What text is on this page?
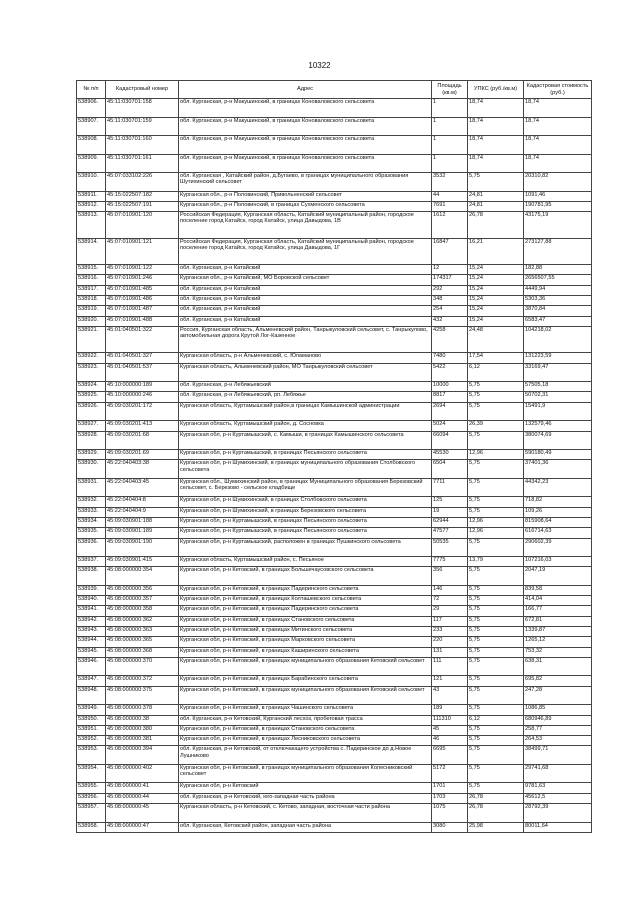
10322
№ п/п	Кадастровый номер	Адрес	Площадь (кв.м)	УПКС (руб./кв.м)	Кадастровая стоимость (руб.)
538906.	45:11:030701:158	обл. Курганская, р-н Макушинский, в границах Коноваловского сельсовета	1	18,74	18,74
538907.	45:11:030701:159	обл. Курганская, р-н Макушинский, в границах Коноваловского сельсовета	1	18,74	18,74
538908.	45:11:030701:160	обл. Курганская, р-н Макушинский, в границах Коноваловского сельсовета	1	18,74	18,74
538909.	45:11:030701:161	обл. Курганская, р-н Макушинский, в границах Коноваловского сельсовета	1	18,74	18,74
538910.	45:07:033102:226	обл. Курганская , Катайский район, д.Бугаево, в границах муниципального образования Шутихинский сельсовет	3532	5,75	20310,82
538911.	45:15:022507:182	Курганская обл., р-н Половинский, Привольненский сельсовет	44	24,81	1091,46
538912.	45:15:022507:191	Курганская обл., р-н Половинский, в границах Сухменского сельсовета	7691	24,81	190781,95
538913.	45:07:010901:120	Российская Федерация, Курганская область, Катайский муниципальный район, городское поселение город Катайск, город Катайск, улица Давыдова, 1В	1612	26,78	43175,19
538914.	45:07:010901:121	Российская Федерация, Курганская область, Катайский муниципальный район, городское поселение город Катайск, город Катайск, улица Давыдова, 1Г	16847	16,21	273127,88
538915.	45:07:010901:122	обл. Курганская, р-н Катайский	12	15,24	182,88
538916.	45:07:010901:246	Курганская обл., р-н Катайский, МО Боровской сельсовет	174317	15,24	2656507,55
538917.	45:07:010901:485	обл. Курганская, р-н Катайский	292	15,24	4449,94
538918.	45:07:010901:486	обл. Курганская, р-н Катайский	348	15,24	5303,36
538919.	45:07:010901:487	обл. Курганская, р-н Катайский	254	15,24	3870,84
538920.	45:07:010901:488	обл. Курганская, р-н Катайский	432	15,24	6583,47
538921.	45:01:040501:322	Россия, Курганская область, Альменевский район, Танрыкуловский сельсовет, с. Танрыкулово, автомобильная дорога Крутой Лог-Казенное	4258	24,48	104218,02
538922.	45:01:040501:327	Курганская область, р-н Альменевский, с. Юламаново	7480	17,54	131223,59
538923.	45:01:040501:537	Курганская область, Альменевский район, МО Танрыкуловский сельсовет	5422	6,12	33169,47
538924.	45:10:000000:189	обл. Курганская, р-н Лебяжьевский	10000	5,75	57505,18
538925.	45:10:000000:246	обл. Курганская, р-н Лебяжьевский, рп. Лебяжье	8817	5,75	50702,31
538926.	45:09:030201:172	Курганская область, Куртамышский район,в границах Камышинской администрации	2694	5,75	15491,9
538927.	45:09:030201:413	Курганская область, Куртамышский район, д. Сосновка	5024	26,39	132579,46
538928.	45:09:030201:68	Курганская обл, р-н Куртамышский, с. Камыши, в границах Камышинского сельсовета	66094	5,75	380074,69
538929.	45:09:030201:69	Курганская обл, р-н Куртамышский, в границах Песьянского сельсовета	45530	12,96	590180,49
538930.	45:22:040403:38	Курганская обл, р-н Шумихинский, в границах муниципального образования Столбовского сельсовета	6504	5,75	37401,36
538931.	45:22:040403:45	Курганская обл., Шумихинский район, в границах Муниципального образования Березовский сельсовет, с. Березово - сельское кладбище	7711	5,75	44342,23
538932.	45:22:040404:8	Курганская обл, р-н Шумихинский, в границах Столбовского сельсовета	125	5,75	718,82
538933.	45:22:040404:9	Курганская обл, р-н Шумихинский, в границах Березовского сельсовета	19	5,75	109,26
538934.	45:09:030901:188	Курганская обл, р-н Куртамышский, в границах Песьянского сельсовета	62944	12,96	815908,64
538935.	45:09:030901:189	Курганская обл, р-н Куртамышский, в границах Песьянского сельсовета	47577	12,96	616714,63
538936.	45:09:030901:190	Курганская обл, р-н Куртамышский, расположен в границах Пушкинского сельсовета	50535	5,75	290602,39
538937.	45:09:030901:415	Курганская область, Куртамышский район, с. Песьяное	7775	13,79	107216,03
538938.	45:08:000000:354	Курганская обл, р-н Кетовский, в границах Большечаусовского сельсовета	356	5,75	2047,19
538939.	45:08:000000:356	Курганская обл, р-н Кетовский, в границах Падеринского сельсовета	146	5,75	839,58
538940.	45:08:000000:357	Курганская обл, р-н Кетовский, в границах Колташевского сельсовета	72	5,75	414,04
538941.	45:08:000000:358	Курганская обл, р-н Кетовский, в границах Падеринского сельсовета	29	5,75	166,77
538942.	45:08:000000:362	Курганская обл, р-н Кетовский, в границах Становского сельсовета	117	5,75	672,81
538943.	45:08:000000:363	Курганская обл, р-н Кетовский, в границах Митинского сельсовета	233	5,75	1339,87
538944.	45:08:000000:365	Курганская обл, р-н Кетовский, в границах Марковского сельсовета	220	5,75	1265,12
538945.	45:08:000000:368	Курганская обл, р-н Кетовский, в границах Каширинского сельсовета	131	5,75	753,32
538946.	45:08:000000:370	Курганская обл, р-н Кетовский, в границах муниципального образования Кетовский сельсовет	111	5,75	638,31
538947.	45:08:000000:372	Курганская обл, р-н Кетовский, в границах Барабинского сельсовета	121	5,75	695,82
538948.	45:08:000000:375	Курганская обл, р-н Кетовский, в границах муниципального образования Кетовский сельсовет	43	5,75	247,28
538949.	45:08:000000:378	Курганская обл, р-н Кетовский, в границах Чашинского сельсовета	189	5,75	1086,85
538950.	45:08:000000:38	обл. Курганская, р-н Кетовский, Курганский лесхоз, пробеговая трасса	111310	6,12	680946,89
538951.	45:08:000000:380	Курганская обл, р-н Кетовский, в границах Становского сельсовета	45	5,75	258,77
538952.	45:08:000000:381	Курганская обл, р-н Кетовский, в границах Лесниковского сельсовета	46	5,75	264,53
538953.	45:08:000000:394	обл. Курганская, р-н Кетовский, от отключающего устройства с. Падеринское до д.Новое Лушниково	6695	5,75	38499,71
538954.	45:08:000000:402	Курганская обл, р-н Кетовский, в границах муниципального образования Колесниковский сельсовет	5172	5,75	29741,68
538955.	45:08:000000:41	Курганская обл, р-н Кетовский	1701	5,75	9781,63
538956.	45:08:000000:44	обл. Курганская, р-н Кетовский, юго-западная часть района	1703	26,78	45612,5
538957.	45:08:000000:45	Курганская область, р-н Кетовский, с. Кетово, западная, восточная части района	1075	26,78	28792,39
538958.	45:08:000000:47	обл. Курганская, Кетовский район, западная часть района	3080	25,98	80011,64
